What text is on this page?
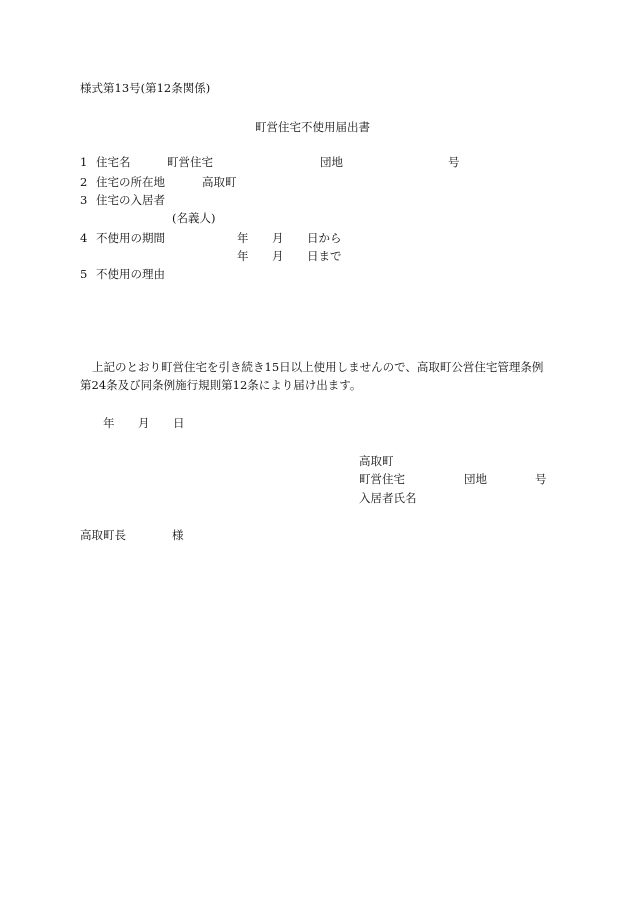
様式第13号(第12条関係)
町営住宅不使用届出書
1 住宅名	町営住宅	団地	号
2 住宅の所在地	高取町
3 住宅の入居者
(名義人)
4 不使用の期間	年 月 日から
年 月 日まで
5 不使用の理由
上記のとおり町営住宅を引き続き15日以上使用しませんので、高取町公営住宅管理条例
第24条及び同条例施行規則第12条により届け出ます。
年 月 日
高取町
町営住宅	団地	号
入居者氏名
高取町長	様
